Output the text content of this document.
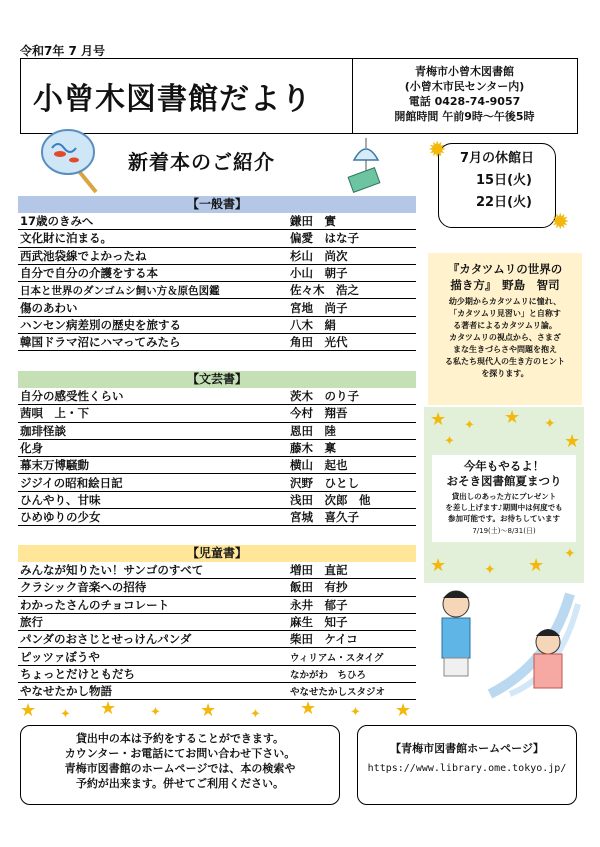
令和7年 7 月号
小曾木図書館だより
青梅市小曾木図書館
(小曾木市民センター内)
電話 0428-74-9057
開館時間 午前9時～午後5時
新着本のご紹介	7月の休館日
15日(火)
22日(火)
✹
✹
【一般書】
17歳のきみへ	鎌田　實
文化財に泊まる。	偏愛　はな子
西武池袋線でよかったね	杉山　尚次
自分で自分の介護をする本	小山　朝子
日本と世界のダンゴムシ飼い方＆原色図鑑	佐々木　浩之
傷のあわい	宮地　尚子
ハンセン病差別の歴史を旅する	八木　絹
韓国ドラマ沼にハマってみたら	角田　光代
【文芸書】
自分の感受性くらい	茨木　のり子
茜唄　上・下	今村　翔吾
珈琲怪談	恩田　陸
化身	藤木　稟
幕末万博騒動	横山　起也
ジジイの昭和絵日記	沢野　ひとし
ひんやり、甘味	浅田　次郎　他
ひめゆりの少女	宮城　喜久子
【児童書】
みんなが知りたい！サンゴのすべて	増田　直記
クラシック音楽への招待	飯田　有抄
わかったさんのチョコレート	永井　郁子
旅行	麻生　知子
パンダのおさじとせっけんパンダ	柴田　ケイコ
ピッツァぼうや	ウィリアム・スタイグ
ちょっとだけともだち	なかがわ　ちひろ
やなせたかし物語	やなせたかしスタジオ
『カタツムリの世界の
描き方』　野島　智司
幼少期からカタツムリに憧れ、
「カタツムリ見習い」と自称す
る著者によるカタツムリ論。
カタツムリの視点から、さまざ
まな生きづらさや問題を抱え
る私たち現代人の生き方のヒント
を探ります。
★ ✦ ★ ✦
★
✦
★	✦ ★
✦
今年もやるよ！
おそき図書館夏まつり
貸出しのあった方にプレゼント
を差し上げます♪期間中は何度でも
参加可能です。お待ちしています
7/19(土)～8/31(日)
★ ✦ ★	✦ ★	✦ ★	✦ ★
貸出中の本は予約をすることができます。
カウンター・お電話にてお問い合わせ下さい。
青梅市図書館のホームページでは、本の検索や
予約が出来ます。併せてご利用ください。
【青梅市図書館ホームページ】
https://www.library.ome.tokyo.jp/
